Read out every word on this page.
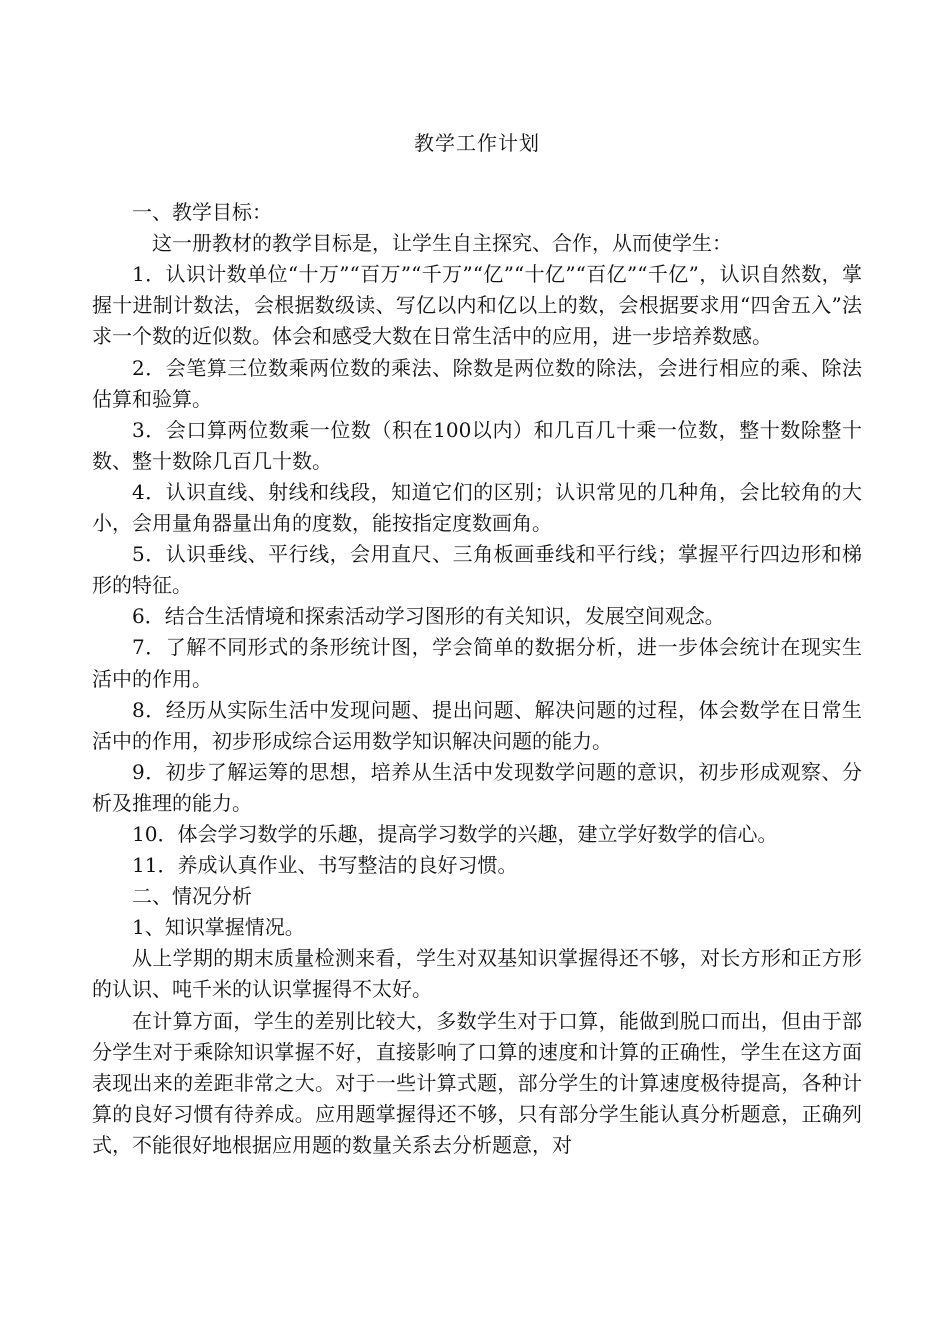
教学工作计划
一、教学目标：
这一册教材的教学目标是，让学生自主探究、合作，从而使学生：
1．认识计数单位“十万”“百万”“千万”“亿”“十亿”“百亿”“千亿”，认识自然数，掌握十进制计数法，会根据数级读、写亿以内和亿以上的数，会根据要求用“四舍五入”法求一个数的近似数。体会和感受大数在日常生活中的应用，进一步培养数感。
2．会笔算三位数乘两位数的乘法、除数是两位数的除法，会进行相应的乘、除法估算和验算。
3．会口算两位数乘一位数（积在100以内）和几百几十乘一位数，整十数除整十数、整十数除几百几十数。
4．认识直线、射线和线段，知道它们的区别；认识常见的几种角，会比较角的大小，会用量角器量出角的度数，能按指定度数画角。
5．认识垂线、平行线，会用直尺、三角板画垂线和平行线；掌握平行四边形和梯形的特征。
6．结合生活情境和探索活动学习图形的有关知识，发展空间观念。
7．了解不同形式的条形统计图，学会简单的数据分析，进一步体会统计在现实生活中的作用。
8．经历从实际生活中发现问题、提出问题、解决问题的过程，体会数学在日常生活中的作用，初步形成综合运用数学知识解决问题的能力。
9．初步了解运筹的思想，培养从生活中发现数学问题的意识，初步形成观察、分析及推理的能力。
10．体会学习数学的乐趣，提高学习数学的兴趣，建立学好数学的信心。
11．养成认真作业、书写整洁的良好习惯。
二、情况分析
1、知识掌握情况。
从上学期的期末质量检测来看，学生对双基知识掌握得还不够，对长方形和正方形的认识、吨千米的认识掌握得不太好。
在计算方面，学生的差别比较大，多数学生对于口算，能做到脱口而出，但由于部分学生对于乘除知识掌握不好，直接影响了口算的速度和计算的正确性，学生在这方面表现出来的差距非常之大。对于一些计算式题，部分学生的计算速度极待提高，各种计算的良好习惯有待养成。应用题掌握得还不够，只有部分学生能认真分析题意，正确列式，不能很好地根据应用题的数量关系去分析题意，对
